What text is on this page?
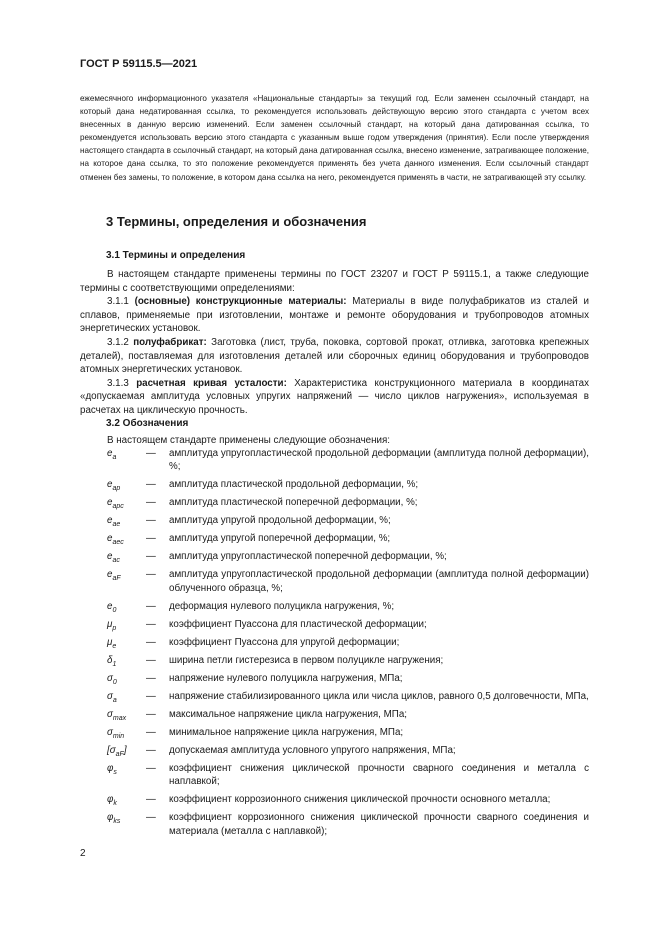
ГОСТ Р 59115.5—2021
ежемесячного информационного указателя «Национальные стандарты» за текущий год. Если заменен ссылочный стандарт, на который дана недатированная ссылка, то рекомендуется использовать действующую версию этого стандарта с учетом всех внесенных в данную версию изменений. Если заменен ссылочный стандарт, на который дана датированная ссылка, то рекомендуется использовать версию этого стандарта с указанным выше годом утверждения (принятия). Если после утверждения настоящего стандарта в ссылочный стандарт, на который дана датированная ссылка, внесено изменение, затрагивающее положение, на которое дана ссылка, то это положение рекомендуется применять без учета данного изменения. Если ссылочный стандарт отменен без замены, то положение, в котором дана ссылка на него, рекомендуется применять в части, не затрагивающей эту ссылку.
3 Термины, определения и обозначения
3.1 Термины и определения

В настоящем стандарте применены термины по ГОСТ 23207 и ГОСТ Р 59115.1, а также следующие термины с соответствующими определениями:

3.1.1 (основные) конструкционные материалы: Материалы в виде полуфабрикатов из сталей и сплавов, применяемые при изготовлении, монтаже и ремонте оборудования и трубопроводов атомных энергетических установок.

3.1.2 полуфабрикат: Заготовка (лист, труба, поковка, сортовой прокат, отливка, заготовка крепежных деталей), поставляемая для изготовления деталей или сборочных единиц оборудования и трубопроводов атомных энергетических установок.

3.1.3 расчетная кривая усталости: Характеристика конструкционного материала в координатах «допускаемая амплитуда условных упругих напряжений — число циклов нагружения», используемая в расчетах на циклическую прочность.

3.2 Обозначения

В настоящем стандарте применены следующие обозначения:

$e_a$	— амплитуда упругопластической продольной деформации (амплитуда полной деформации), %;
$e_{ap}$	— амплитуда пластической продольной деформации, %;
$e_{apc}$ — амплитуда пластической поперечной деформации, %;
$e_{ae}$	— амплитуда упругой продольной деформации, %;
$e_{aec}$ — амплитуда упругой поперечной деформации, %;
$e_{ac}$	— амплитуда упругопластической поперечной деформации, %;
$e_{aF}$	— амплитуда упругопластической продольной деформации (амплитуда полной деформации) облученного образца, %;
$e_0$	— деформация нулевого полуцикла нагружения, %;
$\mu_p$	— коэффициент Пуассона для пластической деформации;
$\mu_e$	— коэффициент Пуассона для упругой деформации;
$\delta_1$	— ширина петли гистерезиса в первом полуцикле нагружения;
$\sigma_0$	— напряжение нулевого полуцикла нагружения, МПа;
$\sigma_a$	— напряжение стабилизированного цикла или числа циклов, равного 0,5 долговечности, МПа,
$\sigma_{max}$ — максимальное напряжение цикла нагружения, МПа;
$\sigma_{min}$ — минимальное напряжение цикла нагружения, МПа;
$[\sigma_{aF}]$ — допускаемая амплитуда условного упругого напряжения, МПа;
$\varphi_s$	— коэффициент снижения циклической прочности сварного соединения и металла с наплавкой;
$\varphi_k$	— коэффициент коррозионного снижения циклической прочности основного металла;
$\varphi_{ks}$	— коэффициент коррозионного снижения циклической прочности сварного соединения и материала (металла с наплавкой);
2
